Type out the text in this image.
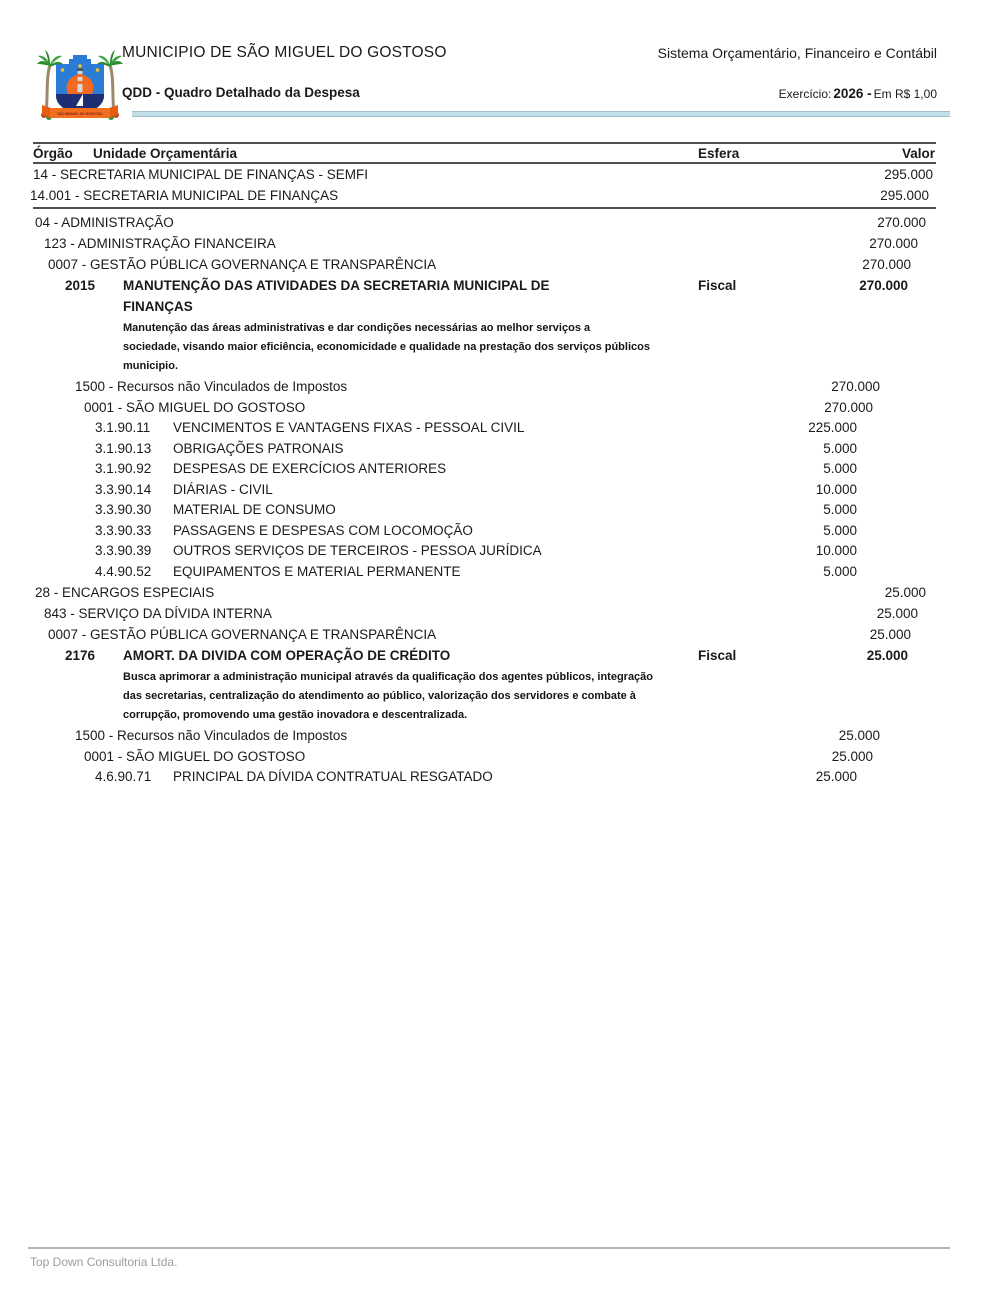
SÃO MIGUEL DO GOSTOSO
MUNICIPIO DE SÃO MIGUEL DO GOSTOSO	Sistema Orçamentário, Financeiro e Contábil
QDD - Quadro Detalhado da Despesa	Exercício: 2026 - Em R$ 1,00
Órgão Unidade Orçamentária	Esfera	Valor
14 - SECRETARIA MUNICIPAL DE FINANÇAS - SEMFI	295.000
14.001 - SECRETARIA MUNICIPAL DE FINANÇAS	295.000
04 - ADMINISTRAÇÃO	270.000
123 - ADMINISTRAÇÃO FINANCEIRA	270.000
0007 - GESTÃO PÚBLICA GOVERNANÇA E TRANSPARÊNCIA	270.000
2015 MANUTENÇÃO DAS ATIVIDADES DA SECRETARIA MUNICIPAL DE
FINANÇAS
Fiscal	270.000
Manutenção das áreas administrativas e dar condições necessárias ao melhor serviços a
sociedade, visando maior eficiência, economicidade e qualidade na prestação dos serviços públicos
municipio.
1500 - Recursos não Vinculados de Impostos	270.000
0001 - SÃO MIGUEL DO GOSTOSO	270.000
3.1.90.11	VENCIMENTOS E VANTAGENS FIXAS - PESSOAL CIVIL	225.000
3.1.90.13	OBRIGAÇÕES PATRONAIS	5.000
3.1.90.92	DESPESAS DE EXERCÍCIOS ANTERIORES	5.000
3.3.90.14	DIÁRIAS - CIVIL	10.000
3.3.90.30	MATERIAL DE CONSUMO	5.000
3.3.90.33	PASSAGENS E DESPESAS COM LOCOMOÇÃO	5.000
3.3.90.39	OUTROS SERVIÇOS DE TERCEIROS - PESSOA JURÍDICA	10.000
4.4.90.52	EQUIPAMENTOS E MATERIAL PERMANENTE	5.000
28 - ENCARGOS ESPECIAIS	25.000
843 - SERVIÇO DA DÍVIDA INTERNA	25.000
0007 - GESTÃO PÚBLICA GOVERNANÇA E TRANSPARÊNCIA	25.000
2176 AMORT. DA DIVIDA COM OPERAÇÃO DE CRÉDITO	Fiscal	25.000
Busca aprimorar a administração municipal através da qualificação dos agentes públicos, integração
das secretarias, centralização do atendimento ao público, valorização dos servidores e combate à
corrupção, promovendo uma gestão inovadora e descentralizada.
1500 - Recursos não Vinculados de Impostos	25.000
0001 - SÃO MIGUEL DO GOSTOSO	25.000
4.6.90.71	PRINCIPAL DA DÍVIDA CONTRATUAL RESGATADO	25.000
Top Down Consultoria Ltda.
